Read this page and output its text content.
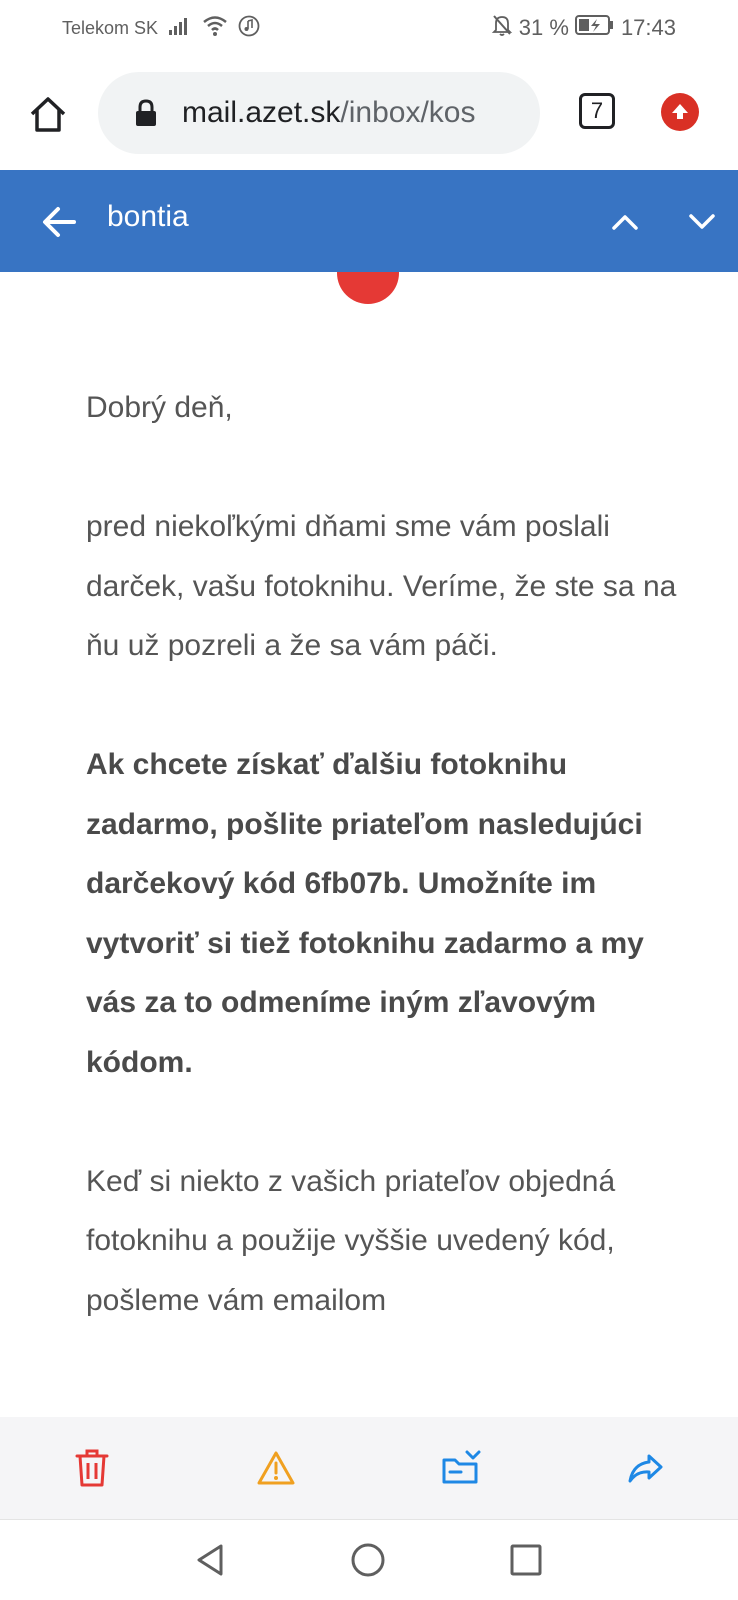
Telekom SK	31 % 17:43
mail.azet.sk/inbox/kos	7
bontia

Dobrý deň,

pred niekoľkými dňami sme vám poslali darček, vašu fotoknihu. Veríme, že ste sa na ňu už pozreli a že sa vám páči.

Ak chcete získať ďalšiu fotoknihu zadarmo, pošlite priateľom nasledujúci darčekový kód 6fb07b. Umožníte im vytvoriť si tiež fotoknihu zadarmo a my vás za to odmeníme iným zľavovým kódom.

Keď si niekto z vašich priateľov objedná fotoknihu a použije vyššie uvedený kód, pošleme vám emailom
